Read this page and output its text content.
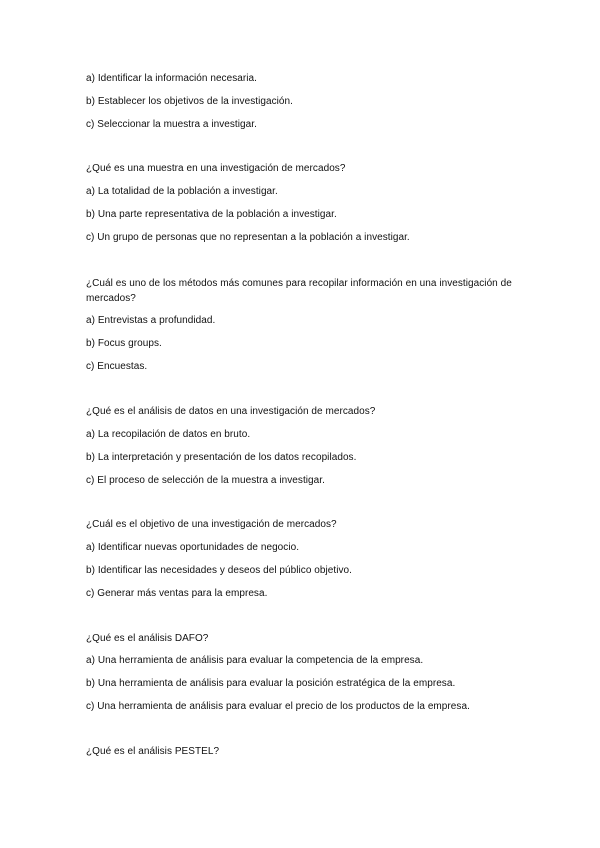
a) Identificar la información necesaria.
b) Establecer los objetivos de la investigación.
c) Seleccionar la muestra a investigar.
¿Qué es una muestra en una investigación de mercados?
a) La totalidad de la población a investigar.
b) Una parte representativa de la población a investigar.
c) Un grupo de personas que no representan a la población a investigar.
¿Cuál es uno de los métodos más comunes para recopilar información en una investigación de mercados?
a) Entrevistas a profundidad.
b) Focus groups.
c) Encuestas.
¿Qué es el análisis de datos en una investigación de mercados?
a) La recopilación de datos en bruto.
b) La interpretación y presentación de los datos recopilados.
c) El proceso de selección de la muestra a investigar.
¿Cuál es el objetivo de una investigación de mercados?
a) Identificar nuevas oportunidades de negocio.
b) Identificar las necesidades y deseos del público objetivo.
c) Generar más ventas para la empresa.
¿Qué es el análisis DAFO?
a) Una herramienta de análisis para evaluar la competencia de la empresa.
b) Una herramienta de análisis para evaluar la posición estratégica de la empresa.
c) Una herramienta de análisis para evaluar el precio de los productos de la empresa.
¿Qué es el análisis PESTEL?
